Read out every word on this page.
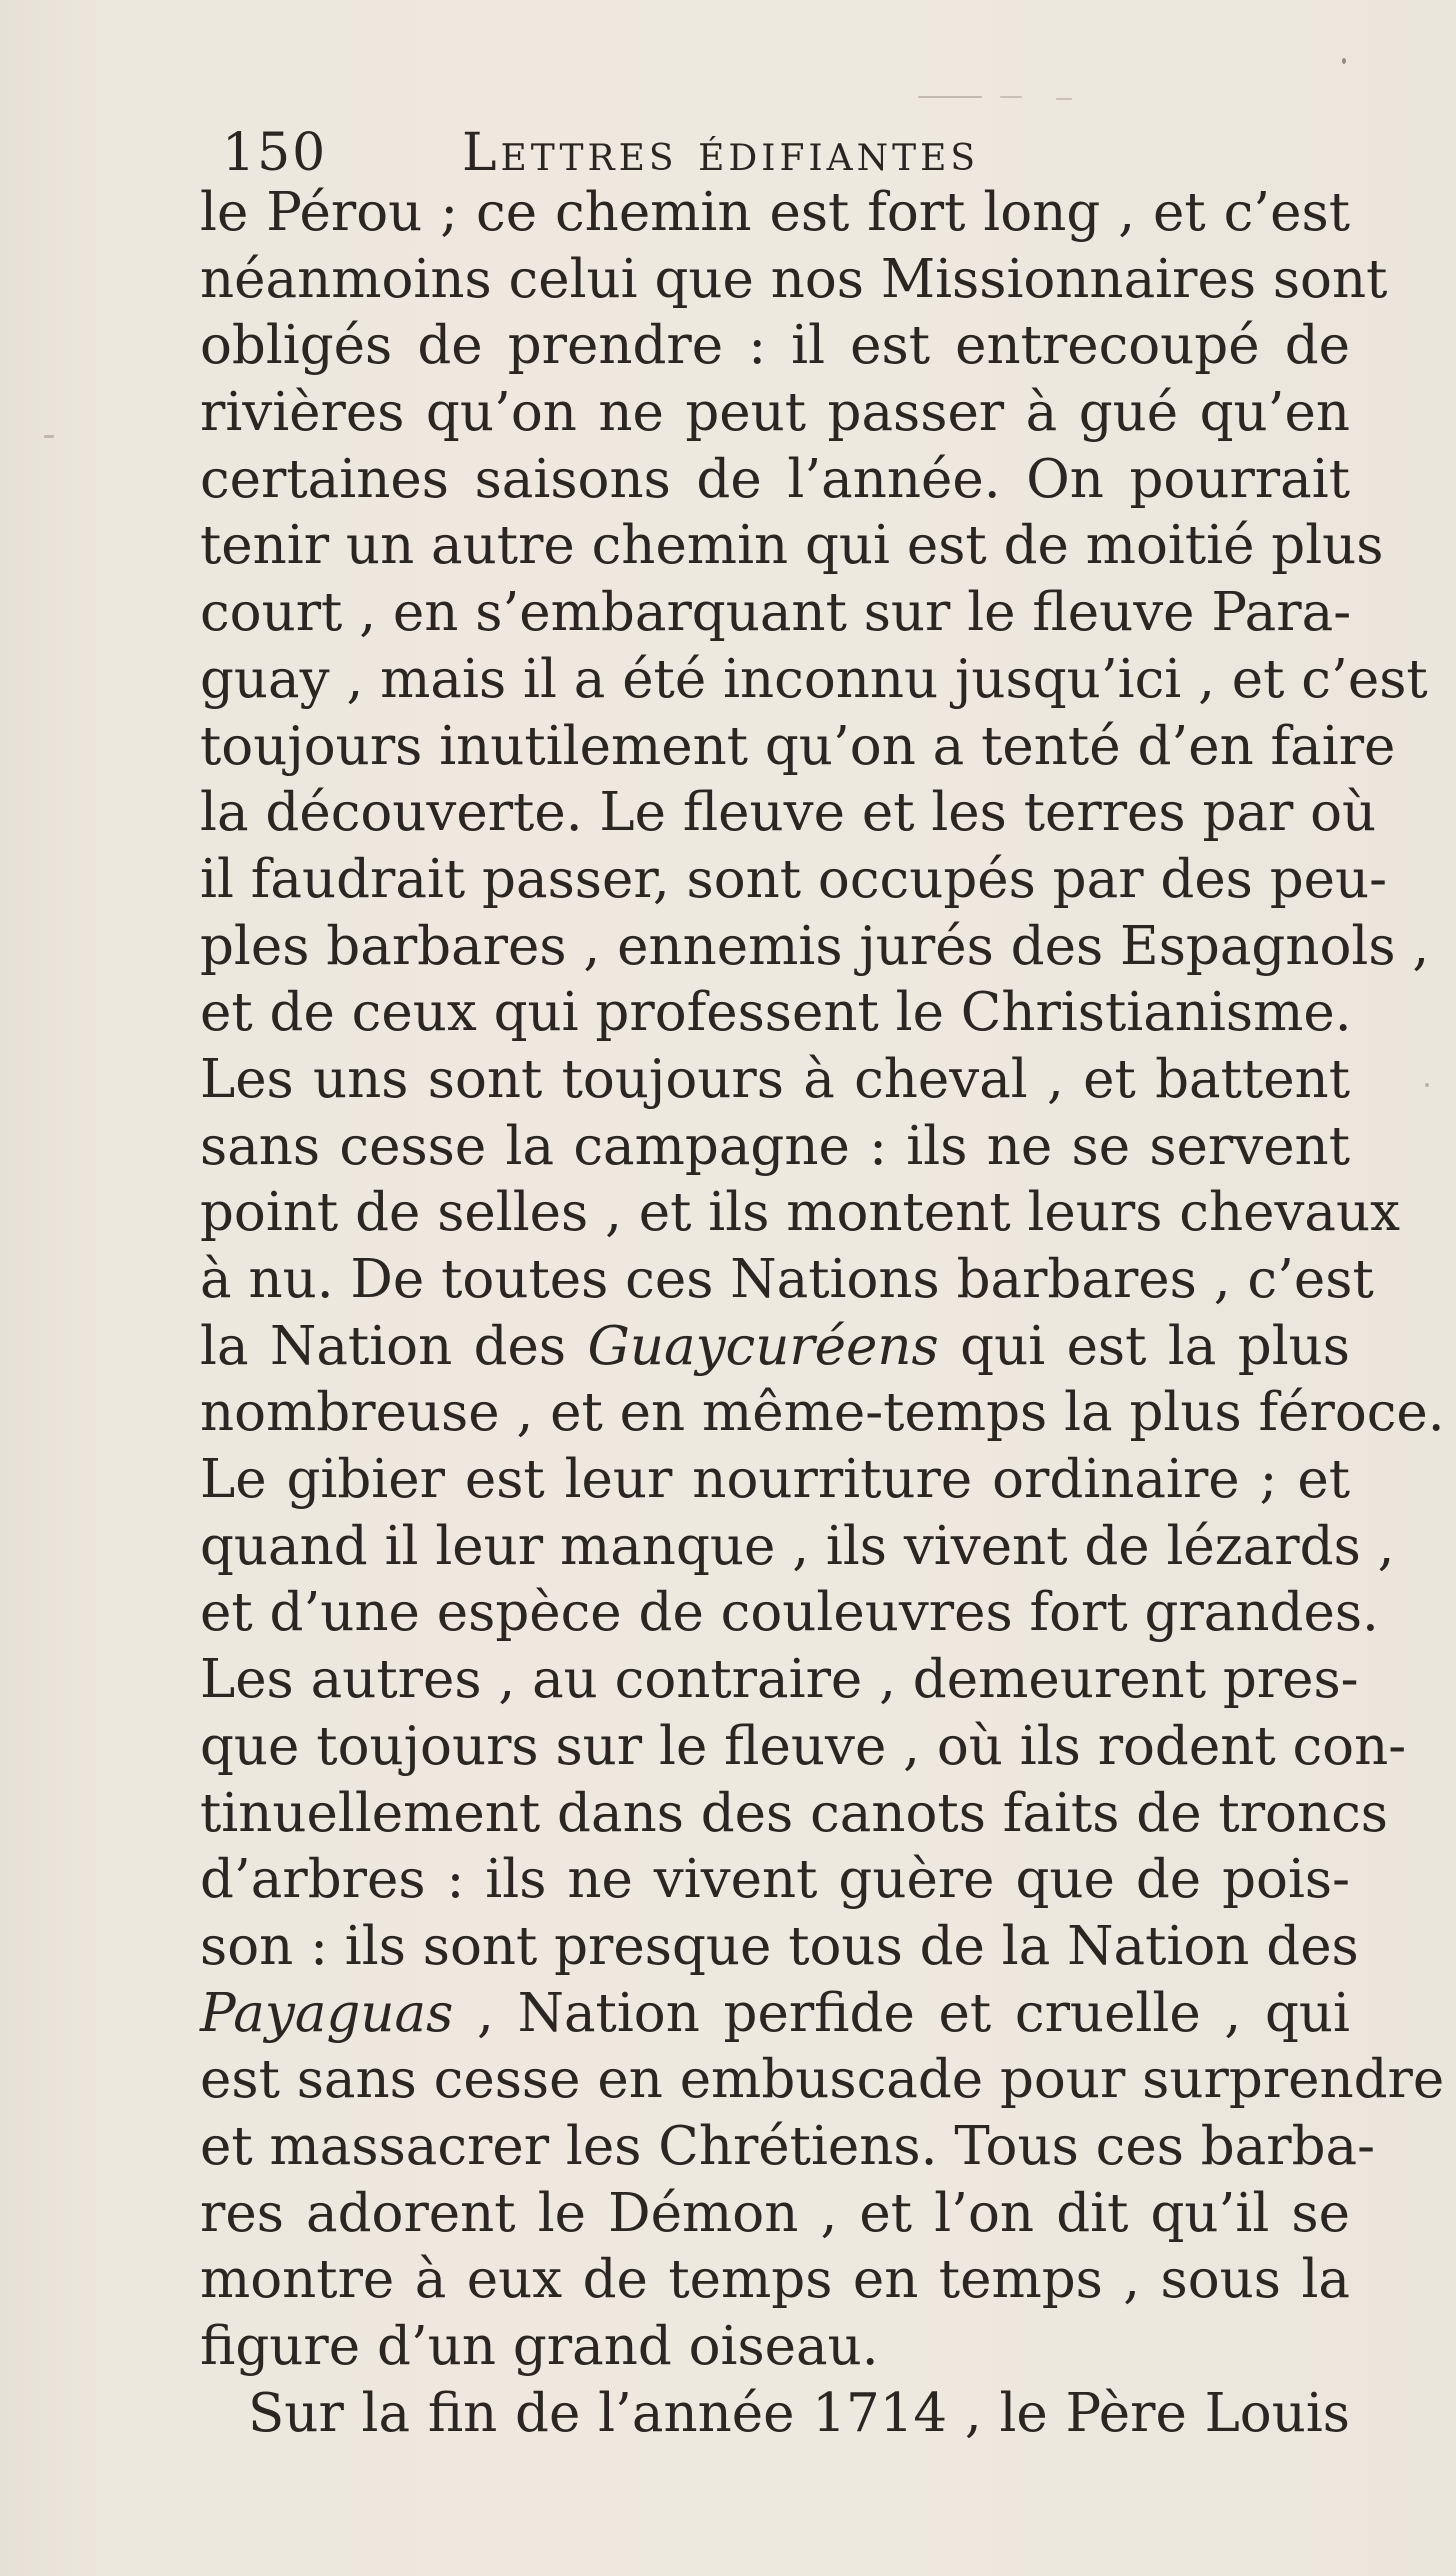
150	Lettres édifiantes
le Pérou ; ce chemin est fort long , et c’est
néanmoins celui que nos Missionnaires sont
obligés de prendre : il est entrecoupé de
rivières qu’on ne peut passer à gué qu’en
certaines saisons de l’année. On pourrait
tenir un autre chemin qui est de moitié plus
court , en s’embarquant sur le fleuve Para-
guay , mais il a été inconnu jusqu’ici , et c’est
toujours inutilement qu’on a tenté d’en faire
la découverte. Le fleuve et les terres par où
il faudrait passer, sont occupés par des peu-
ples barbares , ennemis jurés des Espagnols ,
et de ceux qui professent le Christianisme.
Les uns sont toujours à cheval , et battent
sans cesse la campagne : ils ne se servent
point de selles , et ils montent leurs chevaux
à nu. De toutes ces Nations barbares , c’est
la Nation des Guaycuréens qui est la plus
nombreuse , et en même-temps la plus féroce.
Le gibier est leur nourriture ordinaire ; et
quand il leur manque , ils vivent de lézards ,
et d’une espèce de couleuvres fort grandes.
Les autres , au contraire , demeurent pres-
que toujours sur le fleuve , où ils rodent con-
tinuellement dans des canots faits de troncs
d’arbres : ils ne vivent guère que de pois-
son : ils sont presque tous de la Nation des
Payaguas , Nation perfide et cruelle , qui
est sans cesse en embuscade pour surprendre
et massacrer les Chrétiens. Tous ces barba-
res adorent le Démon , et l’on dit qu’il se
montre à eux de temps en temps , sous la
figure d’un grand oiseau.
Sur la fin de l’année 1714 , le Père Louis
